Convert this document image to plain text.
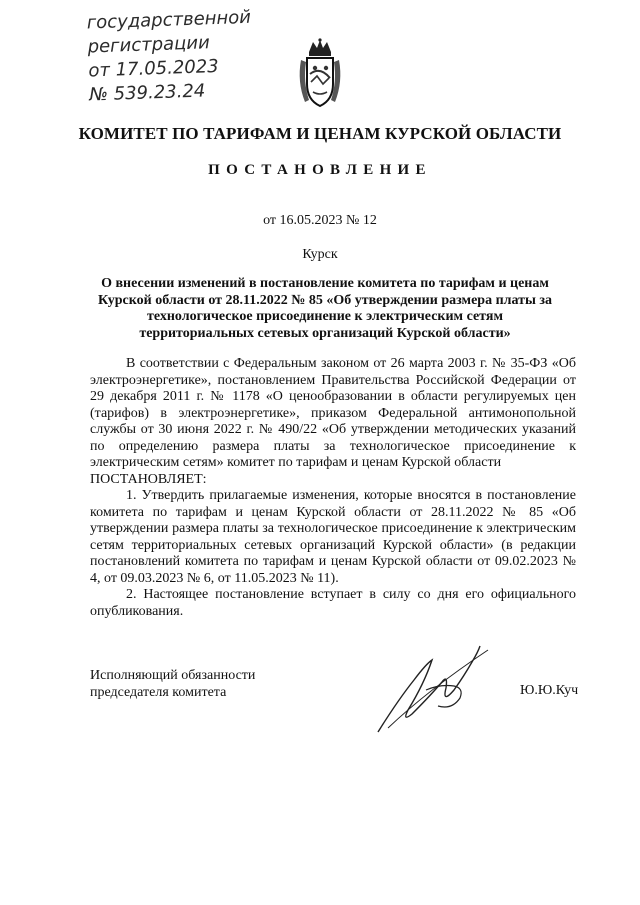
государственной
регистрации
от 17.05.2023
№ 539.23.24
КОМИТЕТ ПО ТАРИФАМ И ЦЕНАМ КУРСКОЙ ОБЛАСТИ
ПОСТАНОВЛЕНИЕ
от 16.05.2023 № 12
Курск
О внесении изменений в постановление комитета по тарифам и ценам Курской области от 28.11.2022 № 85 «Об утверждении размера платы за технологическое присоединение к электрическим сетям территориальных сетевых организаций Курской области»

В соответствии с Федеральным законом от 26 марта 2003 г. № 35-ФЗ «Об электроэнергетике», постановлением Правительства Российской Федерации от 29 декабря 2011 г. № 1178 «О ценообразовании в области регулируемых цен (тарифов) в электроэнергетике», приказом Федеральной антимонопольной службы от 30 июня 2022 г. № 490/22 «Об утверждении методических указаний по определению размера платы за технологическое присоединение к электрическим сетям» комитет по тарифам и ценам Курской области

ПОСТАНОВЛЯЕТ:

1. Утвердить прилагаемые изменения, которые вносятся в постановление комитета по тарифам и ценам Курской области от 28.11.2022 № 85 «Об утверждении размера платы за технологическое присоединение к электрическим сетям территориальных сетевых организаций Курской области» (в редакции постановлений комитета по тарифам и ценам Курской области от 09.02.2023 № 4, от 09.03.2023 № 6, от 11.05.2023 № 11).

2. Настоящее постановление вступает в силу со дня его официального опубликования.

Исполняющий обязанности
председателя комитета	Ю.Ю.Куч
